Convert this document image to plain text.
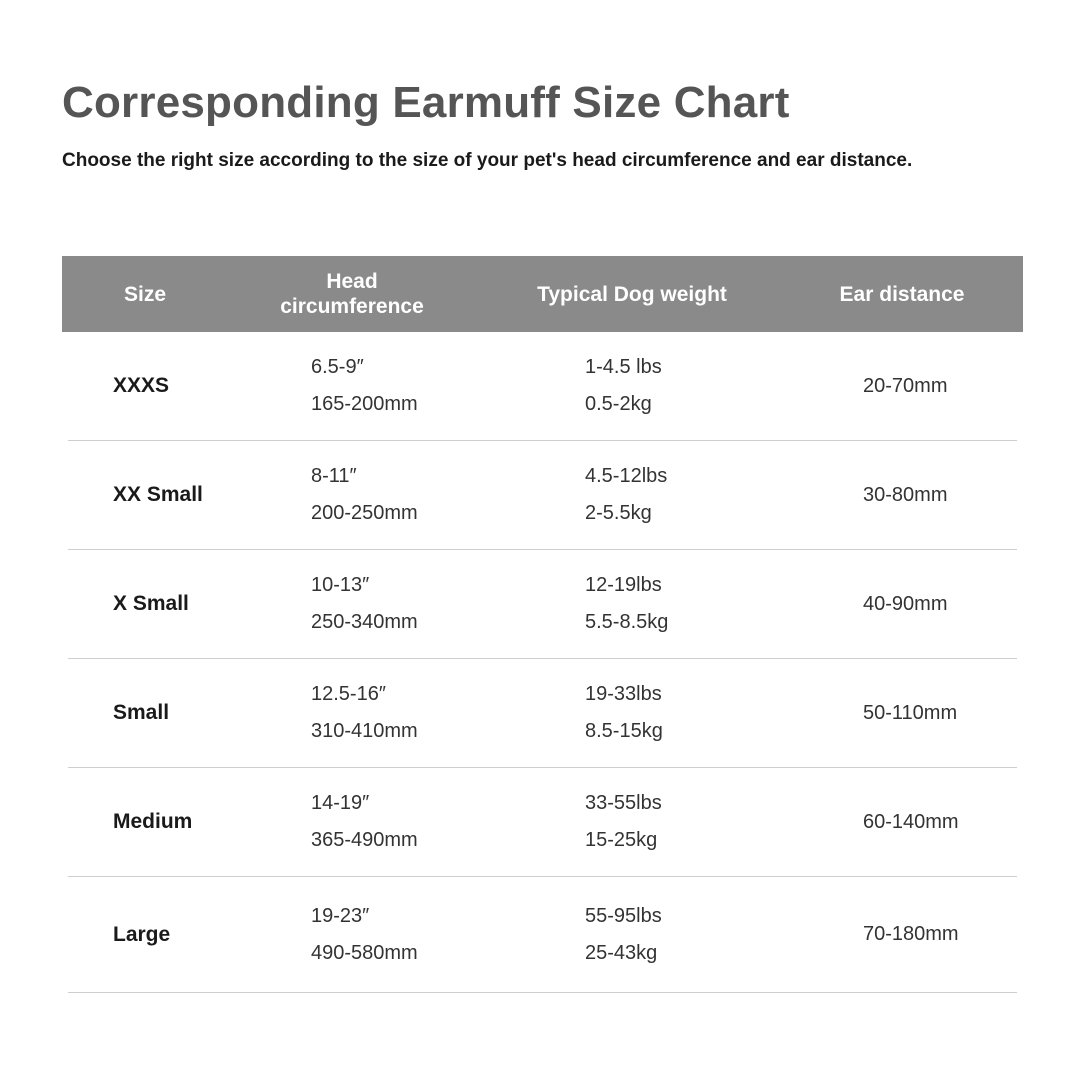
Corresponding Earmuff Size Chart

Choose the right size according to the size of your pet's head circumference and ear distance.

Size
Head
circumference
Typical Dog weight	Ear distance
XXXS
6.5-9″
165-200mm
1-4.5 lbs
0.5-2kg
20-70mm
XX Small
8-11″
200-250mm
4.5-12lbs
2-5.5kg
30-80mm
X Small
10-13″
250-340mm
12-19lbs
5.5-8.5kg
40-90mm
Small
12.5-16″
310-410mm
19-33lbs
8.5-15kg
50-110mm
Medium
14-19″
365-490mm
33-55lbs
15-25kg
60-140mm
Large
19-23″
490-580mm
55-95lbs
25-43kg
70-180mm
